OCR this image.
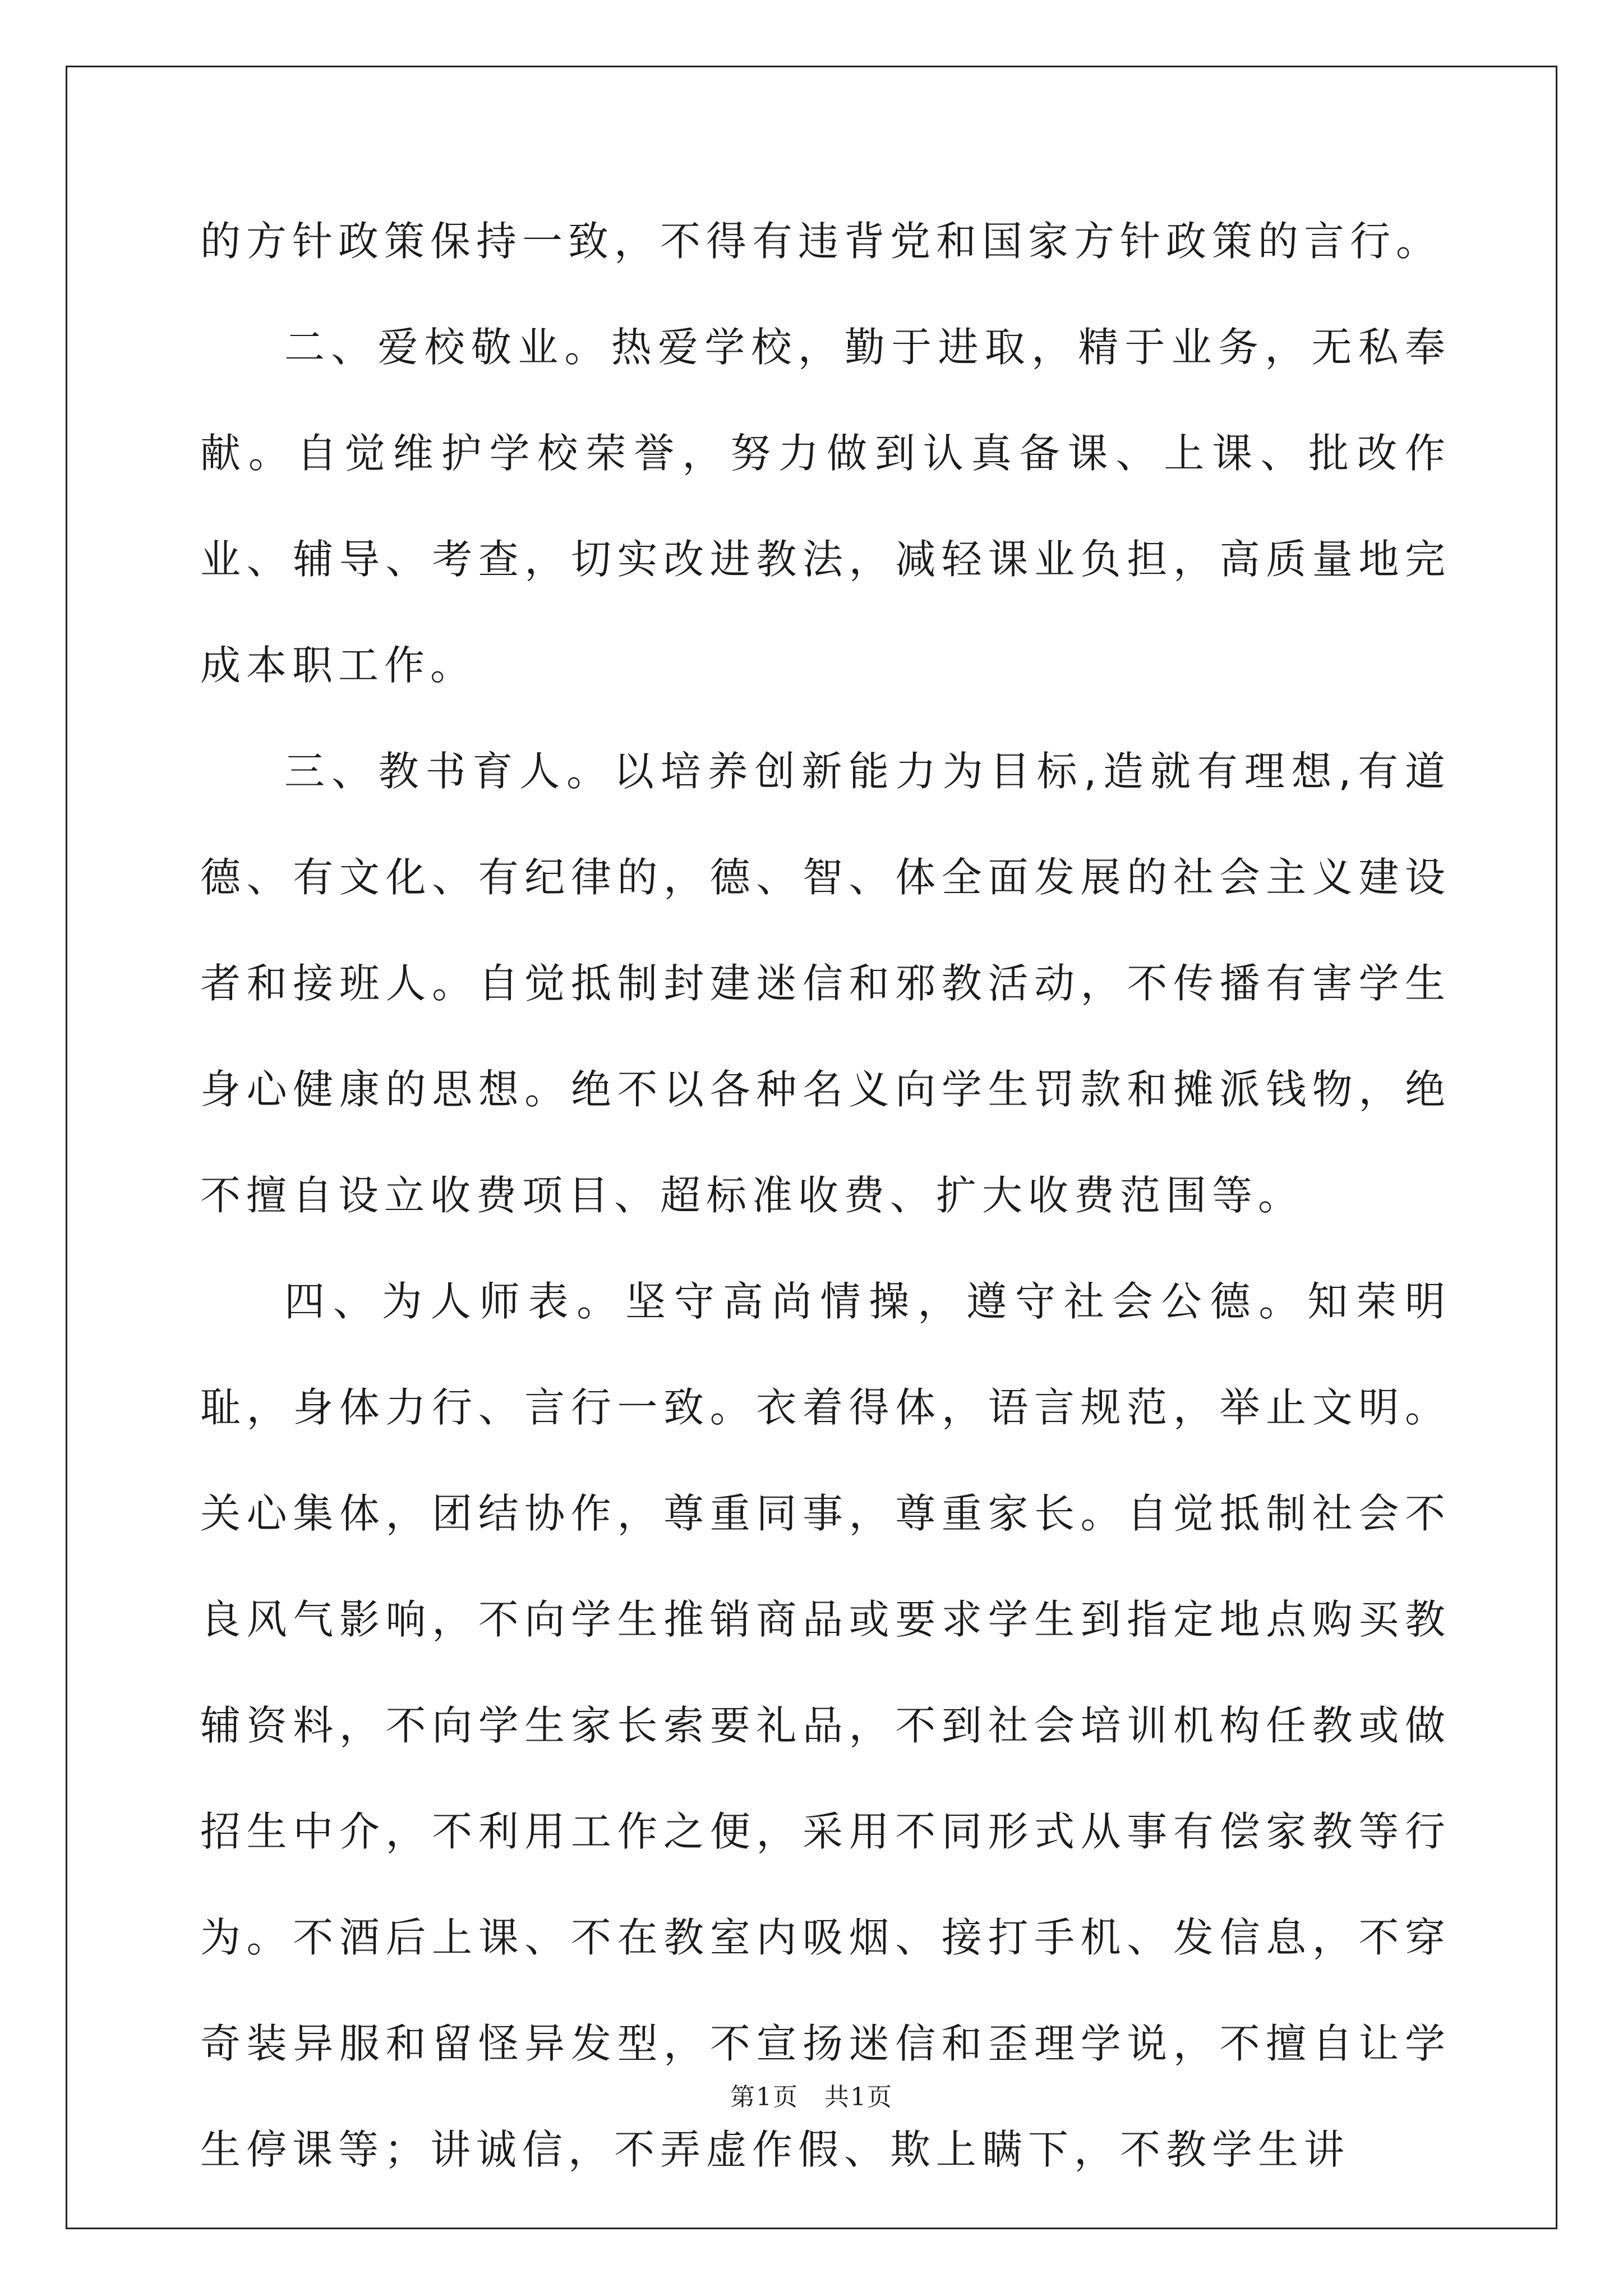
的方针政策保持一致，不得有违背党和国家方针政策的言行。

二、爱校敬业。热爱学校，勤于进取，精于业务，无私奉献。自觉维护学校荣誉，努力做到认真备课、上课、批改作业、辅导、考查，切实改进教法，减轻课业负担，高质量地完成本职工作。

三、教书育人。以培养创新能力为目标,造就有理想,有道德、有文化、有纪律的，德、智、体全面发展的社会主义建设者和接班人。自觉抵制封建迷信和邪教活动，不传播有害学生身心健康的思想。绝不以各种名义向学生罚款和摊派钱物，绝不擅自设立收费项目、超标准收费、扩大收费范围等。

四、为人师表。坚守高尚情操，遵守社会公德。知荣明耻，身体力行、言行一致。衣着得体，语言规范，举止文明。关心集体，团结协作，尊重同事，尊重家长。自觉抵制社会不良风气影响，不向学生推销商品或要求学生到指定地点购买教辅资料，不向学生家长索要礼品，不到社会培训机构任教或做招生中介，不利用工作之便，采用不同形式从事有偿家教等行为。不酒后上课、不在教室内吸烟、接打手机、发信息，不穿奇装异服和留怪异发型，不宣扬迷信和歪理学说，不擅自让学生停课等；讲诚信，不弄虚作假、欺上瞒下，不教学生讲

第1页　共1页
